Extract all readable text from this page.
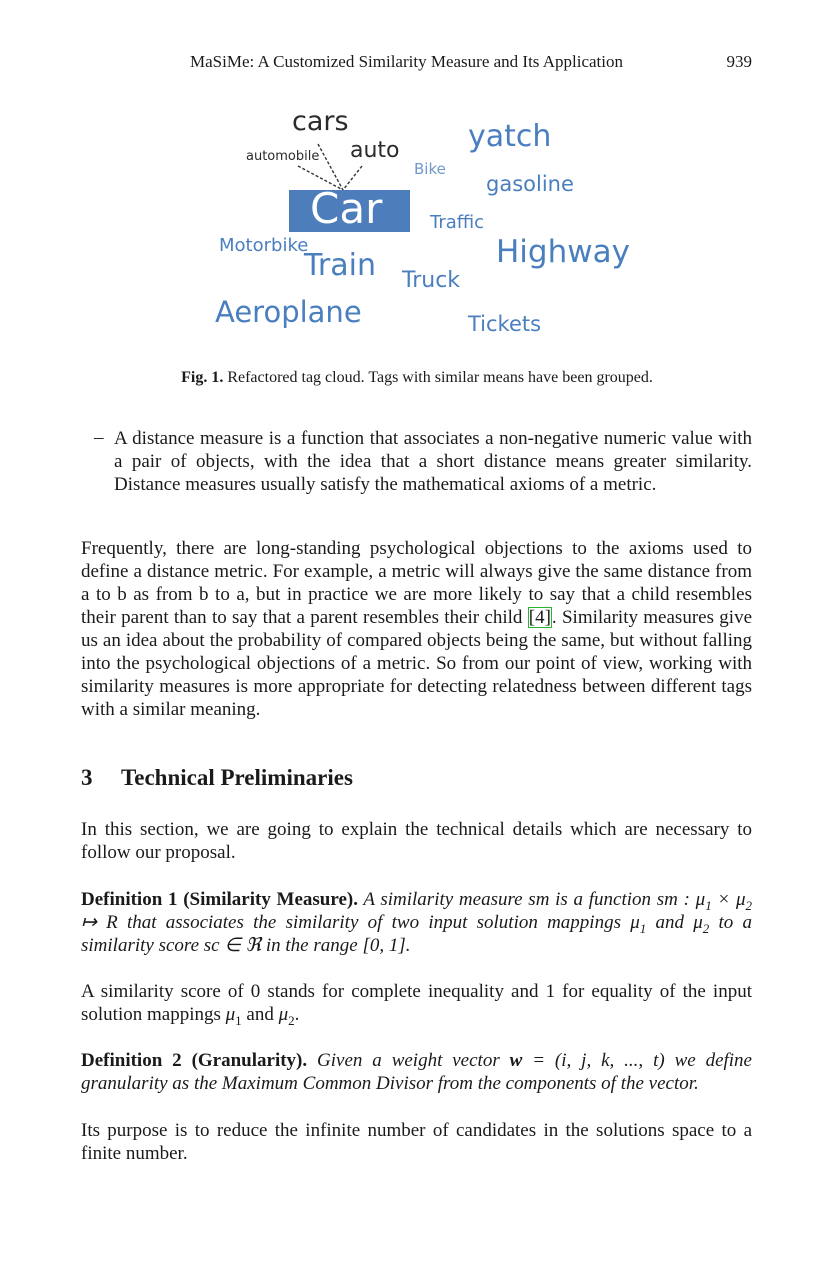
MaSiMe: A Customized Similarity Measure and Its Application	939
cars
automobile auto
Car
Bike
yatch
gasoline
Traffic
Motorbike
Train Truck
Highway
Aeroplane	Tickets
Fig. 1. Refactored tag cloud. Tags with similar means have been grouped.
– A distance measure is a function that associates a non-negative numeric value with a pair of objects, with the idea that a short distance means greater similarity. Distance measures usually satisfy the mathematical axioms of a metric.
Frequently, there are long-standing psychological objections to the axioms used to define a distance metric. For example, a metric will always give the same distance from a to b as from b to a, but in practice we are more likely to say that a child resembles their parent than to say that a parent resembles their child [4]. Similarity measures give us an idea about the probability of compared objects being the same, but without falling into the psychological objections of a metric. So from our point of view, working with similarity measures is more appropriate for detecting relatedness between different tags with a similar meaning.
3 Technical Preliminaries
In this section, we are going to explain the technical details which are necessary to follow our proposal.
Definition 1 (Similarity Measure). A similarity measure sm is a function sm : $\mu_1 \times \mu_2$ ↦ R that associates the similarity of two input solution mappings $\mu_1$ and $\mu_2$ to a similarity score sc ∈ ℜ in the range [0, 1].
A similarity score of 0 stands for complete inequality and 1 for equality of the input solution mappings $\mu_1$ and $\mu_2$.
Definition 2 (Granularity). Given a weight vector w = (i, j, k, ..., t) we define granularity as the Maximum Common Divisor from the components of the vector.
Its purpose is to reduce the infinite number of candidates in the solutions space to a finite number.
